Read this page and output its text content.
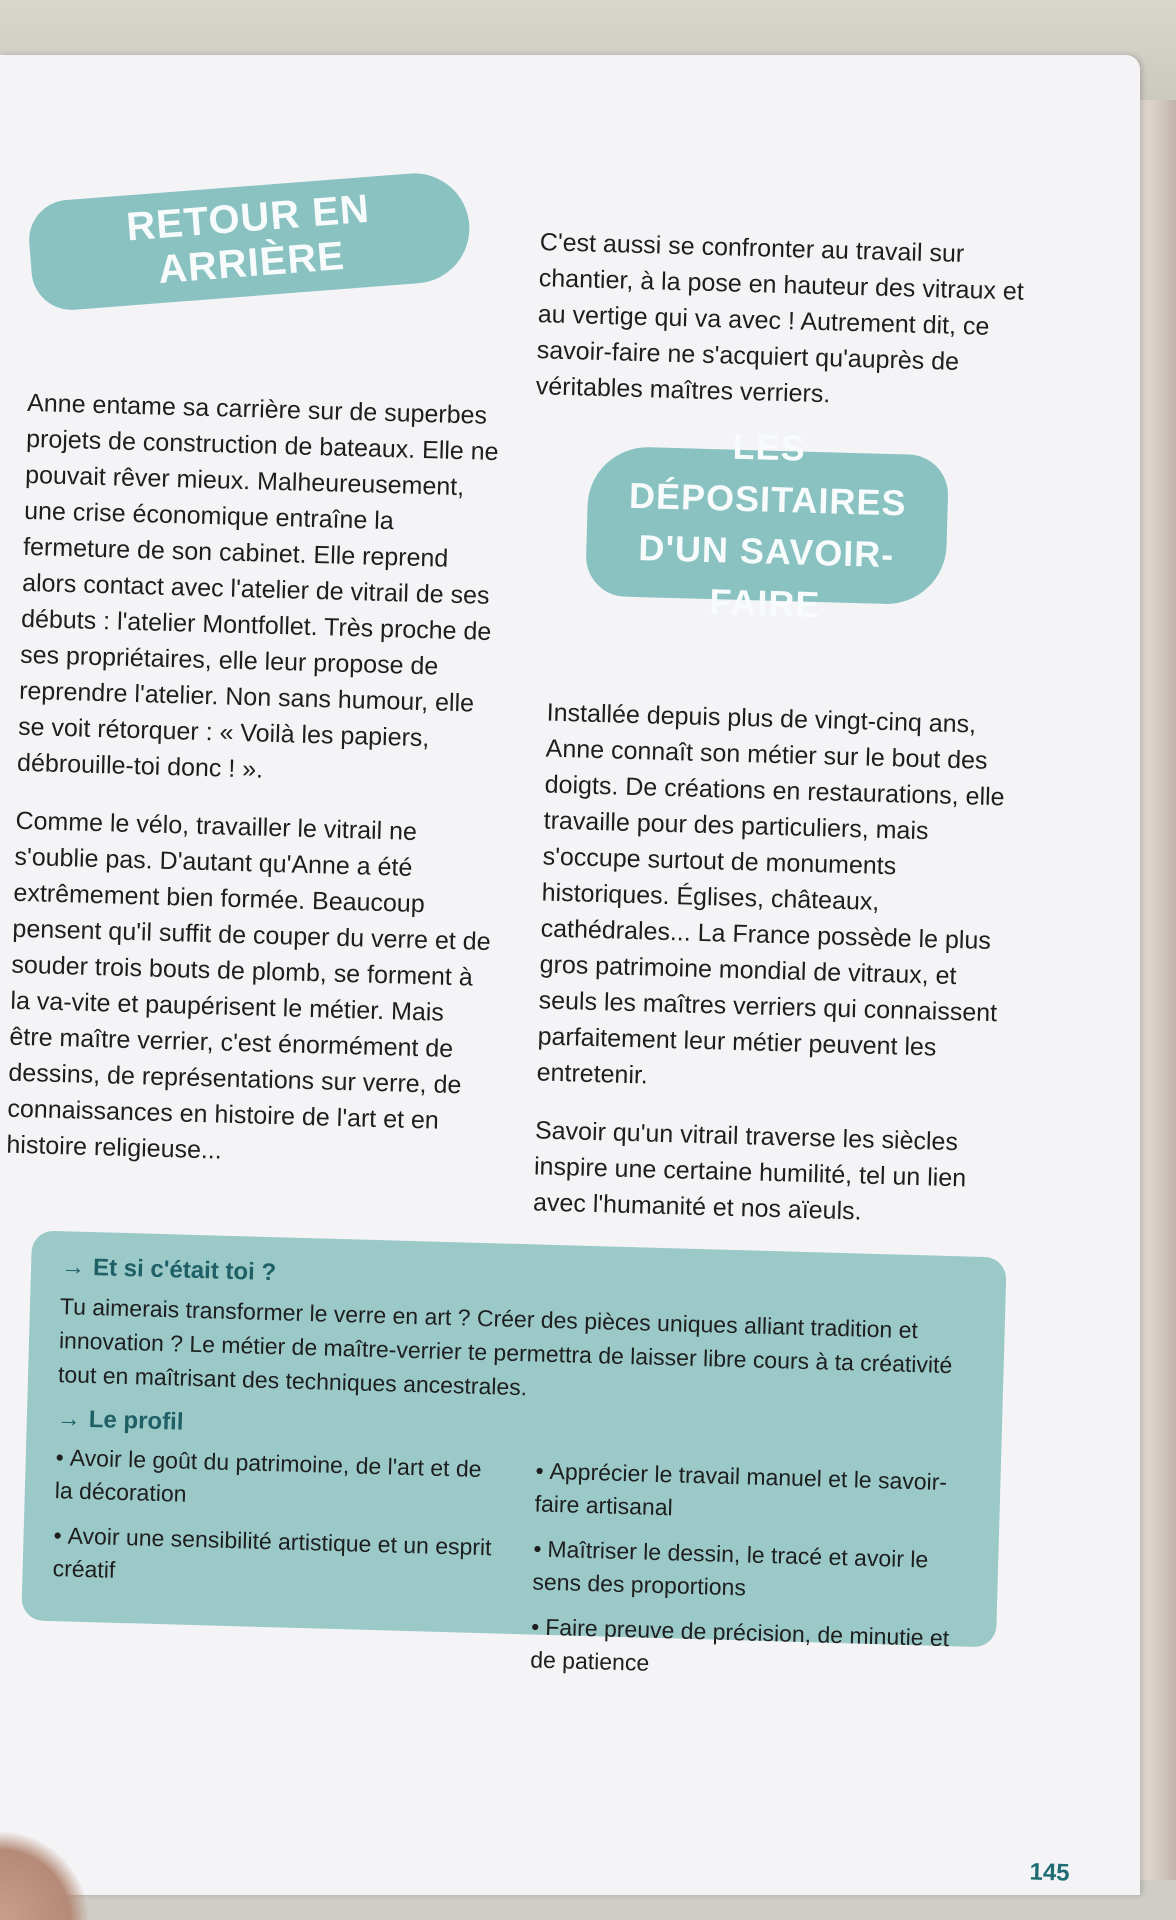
RETOUR EN ARRIÈRE	C'est aussi se confronter au travail sur chantier, à la pose en hauteur des vitraux et au vertige qui va avec ! Autrement dit, ce savoir-faire ne s'acquiert qu'auprès de véritables maîtres verriers.

Anne entame sa carrière sur de superbes projets de construction de bateaux. Elle ne pouvait rêver mieux. Malheureusement, une crise économique entraîne la fermeture de son cabinet. Elle reprend alors contact avec l'atelier de vitrail de ses débuts : l'atelier Montfollet. Très proche de ses propriétaires, elle leur propose de reprendre l'atelier. Non sans humour, elle se voit rétorquer : « Voilà les papiers, débrouille-toi donc ! ».

Comme le vélo, travailler le vitrail ne s'oublie pas. D'autant qu'Anne a été extrêmement bien formée. Beaucoup pensent qu'il suffit de couper du verre et de souder trois bouts de plomb, se forment à la va-vite et paupérisent le métier. Mais être maître verrier, c'est énormément de dessins, de représentations sur verre, de connaissances en histoire de l'art et en histoire religieuse...

LES DÉPOSITAIRES
D'UN SAVOIR-FAIRE

Installée depuis plus de vingt-cinq ans, Anne connaît son métier sur le bout des doigts. De créations en restaurations, elle travaille pour des particuliers, mais s'occupe surtout de monuments historiques. Églises, châteaux, cathédrales... La France possède le plus gros patrimoine mondial de vitraux, et seuls les maîtres verriers qui connaissent parfaitement leur métier peuvent les entretenir.

Savoir qu'un vitrail traverse les siècles inspire une certaine humilité, tel un lien avec l'humanité et nos aïeuls.

→ Et si c'était toi ?

Tu aimerais transformer le verre en art ? Créer des pièces uniques alliant tradition et innovation ? Le métier de maître-verrier te permettra de laisser libre cours à ta créativité tout en maîtrisant des techniques ancestrales.

→ Le profil
• Avoir le goût du patrimoine, de l'art et de la décoration
• Avoir une sensibilité artistique et un esprit créatif
• Apprécier le travail manuel et le savoir-faire artisanal
• Maîtriser le dessin, le tracé et avoir le sens des proportions
• Faire preuve de précision, de minutie et de patience
145
